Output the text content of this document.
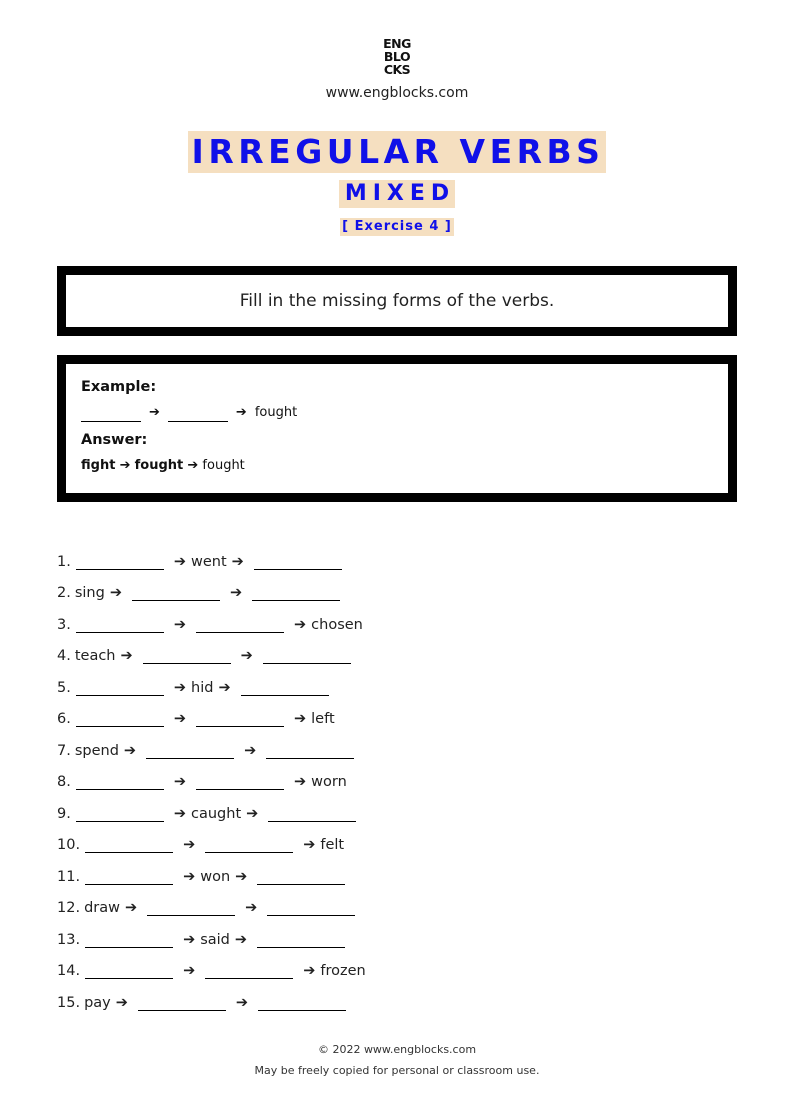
ENG
BLO
CKS
www.engblocks.com
IRREGULAR VERBS
MIXED
[ Exercise 4 ]
Fill in the missing forms of the verbs.
Example:
➔	➔ fought
Answer:
fight ➔ fought ➔ fought
1.	➔ went ➔
2. sing ➔	➔
3.	➔	➔ chosen
4. teach ➔	➔
5.	➔ hid ➔
6.	➔	➔ left
7. spend ➔	➔
8.	➔	➔ worn
9.	➔ caught ➔
10.	➔	➔ felt
11.	➔ won ➔
12. draw ➔	➔
13.	➔ said ➔
14.	➔	➔ frozen
15. pay ➔	➔
© 2022 www.engblocks.com
May be freely copied for personal or classroom use.
